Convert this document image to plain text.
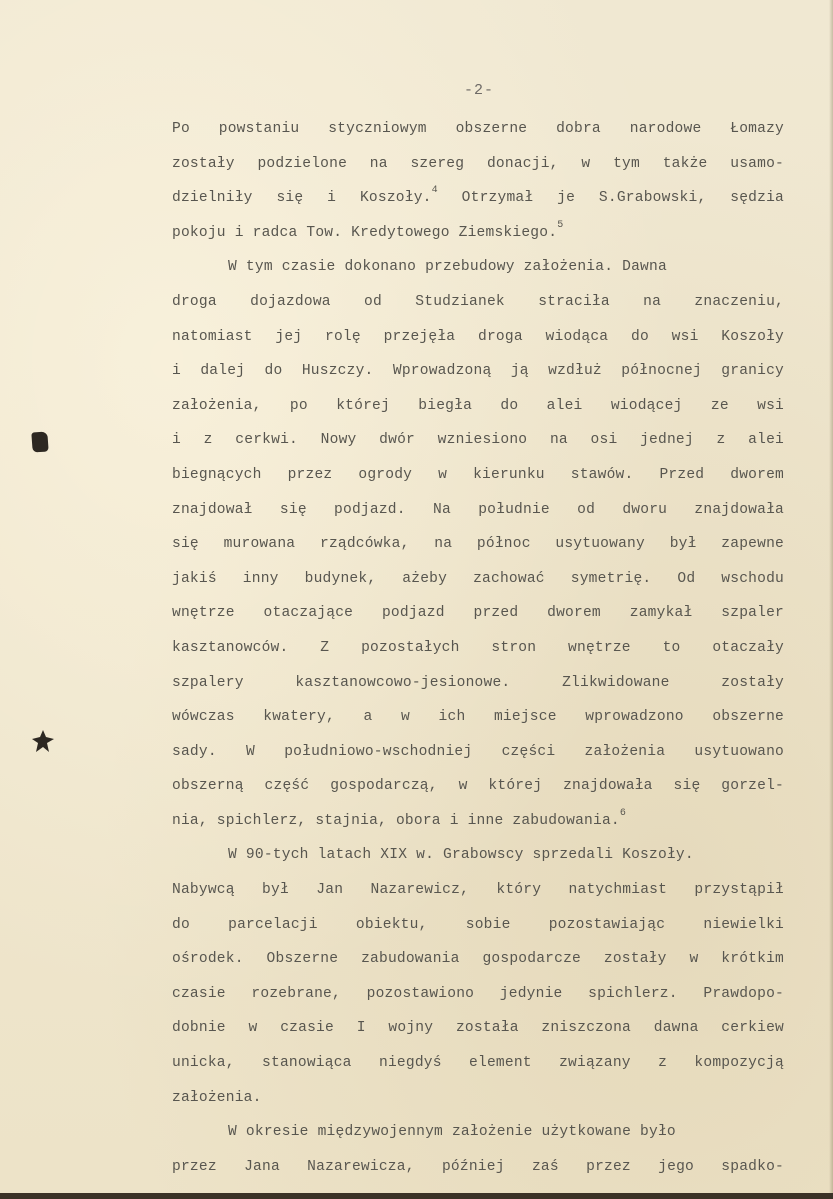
-2-
Po powstaniu styczniowym obszerne dobra narodowe Łomazy
zostały podzielone na szereg donacji, w tym także usamo-
dzielniły się i Koszoły.$^4$ Otrzymał je S.Grabowski, sędzia
pokoju i radca Tow. Kredytowego Ziemskiego.$^5$
W tym czasie dokonano przebudowy założenia. Dawna
droga dojazdowa od Studzianek straciła na znaczeniu,
natomiast jej rolę przejęła droga wiodąca do wsi Koszoły
i dalej do Huszczy. Wprowadzoną ją wzdłuż północnej granicy
założenia, po której biegła do alei wiodącej ze wsi
i z cerkwi. Nowy dwór wzniesiono na osi jednej z alei
biegnących przez ogrody w kierunku stawów. Przed dworem
znajdował się podjazd. Na południe od dworu znajdowała
się murowana rządcówka, na północ usytuowany był zapewne
jakiś inny budynek, ażeby zachować symetrię. Od wschodu
wnętrze otaczające podjazd przed dworem zamykał szpaler
kasztanowców. Z pozostałych stron wnętrze to otaczały
szpalery kasztanowcowo-jesionowe. Zlikwidowane zostały
wówczas kwatery, a w ich miejsce wprowadzono obszerne
sady. W południowo-wschodniej części założenia usytuowano
obszerną część gospodarczą, w której znajdowała się gorzel-
nia, spichlerz, stajnia, obora i inne zabudowania.$^6$
W 90-tych latach XIX w. Grabowscy sprzedali Koszoły.
Nabywcą był Jan Nazarewicz, który natychmiast przystąpił
do parcelacji obiektu, sobie pozostawiając niewielki
ośrodek. Obszerne zabudowania gospodarcze zostały w krótkim
czasie rozebrane, pozostawiono jedynie spichlerz. Prawdopo-
dobnie w czasie I wojny została zniszczona dawna cerkiew
unicka, stanowiąca niegdyś element związany z kompozycją
założenia.
W okresie międzywojennym założenie użytkowane było
przez Jana Nazarewicza, później zaś przez jego spadko-
